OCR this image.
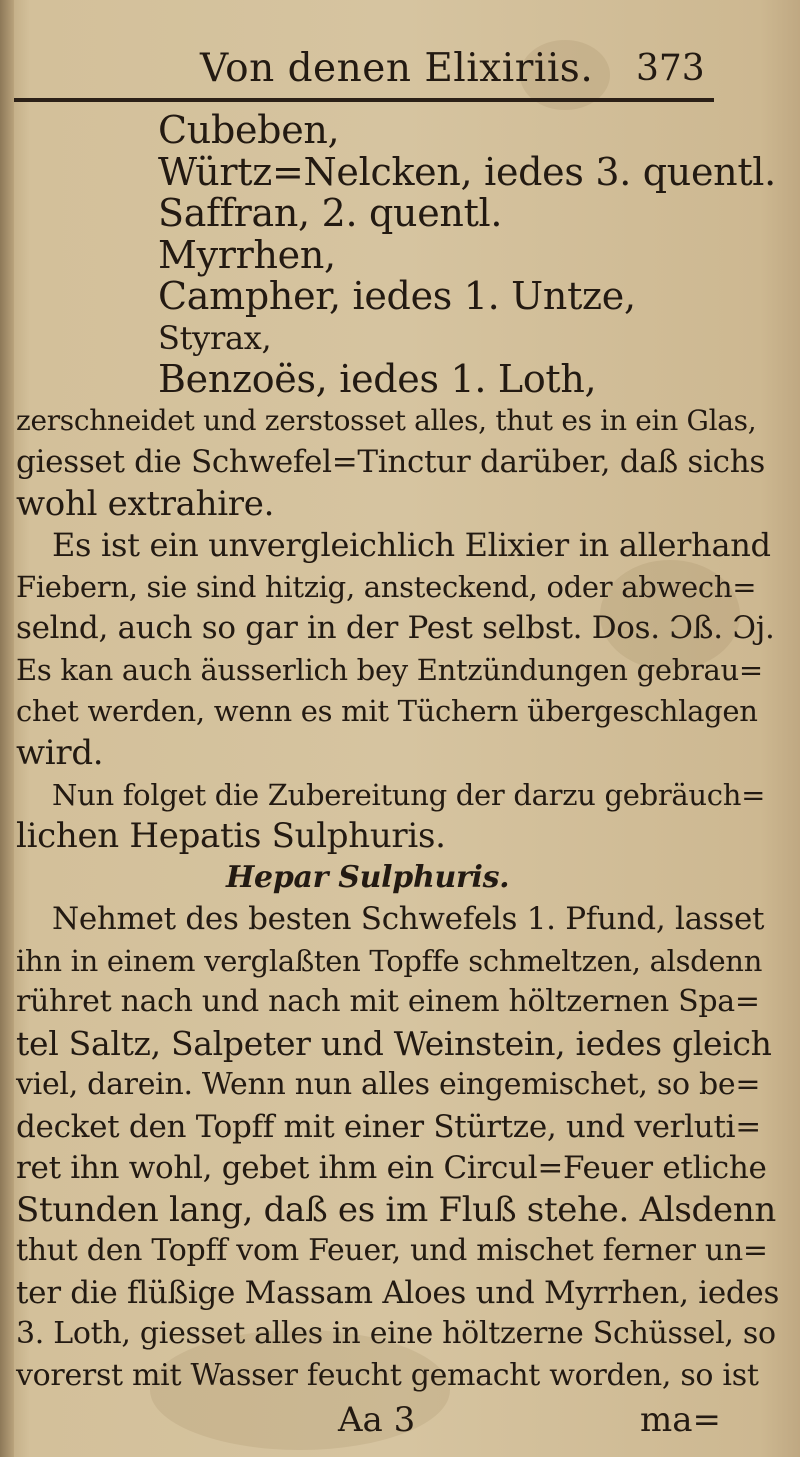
Von denen Elixiriis. 373
Cubeben,
Würtz=Nelcken, iedes 3. quentl.
Saffran, 2. quentl.
Myrrhen,
Campher, iedes 1. Untze,
Styrax,
Benzoës, iedes 1. Loth,
zerschneidet und zerstosset alles, thut es in ein Glas,
giesset die Schwefel=Tinctur darüber, daß sichs
wohl extrahire.
Es ist ein unvergleichlich Elixier in allerhand
Fiebern, sie sind hitzig, ansteckend, oder abwech=
selnd, auch so gar in der Pest selbst. Dos. Ɔß. Ɔj.
Es kan auch äusserlich bey Entzündungen gebrau=
chet werden, wenn es mit Tüchern übergeschlagen
wird.
Nun folget die Zubereitung der darzu gebräuch=
lichen Hepatis Sulphuris.
Hepar Sulphuris.
Nehmet des besten Schwefels 1. Pfund, lasset
ihn in einem verglaßten Topffe schmeltzen, alsdenn
rühret nach und nach mit einem höltzernen Spa=
tel Saltz, Salpeter und Weinstein, iedes gleich
viel, darein. Wenn nun alles eingemischet, so be=
decket den Topff mit einer Stürtze, und verluti=
ret ihn wohl, gebet ihm ein Circul=Feuer etliche
Stunden lang, daß es im Fluß stehe. Alsdenn
thut den Topff vom Feuer, und mischet ferner un=
ter die flüßige Massam Aloes und Myrrhen, iedes
3. Loth, giesset alles in eine höltzerne Schüssel, so
vorerst mit Wasser feucht gemacht worden, so ist
Aa 3	ma=
